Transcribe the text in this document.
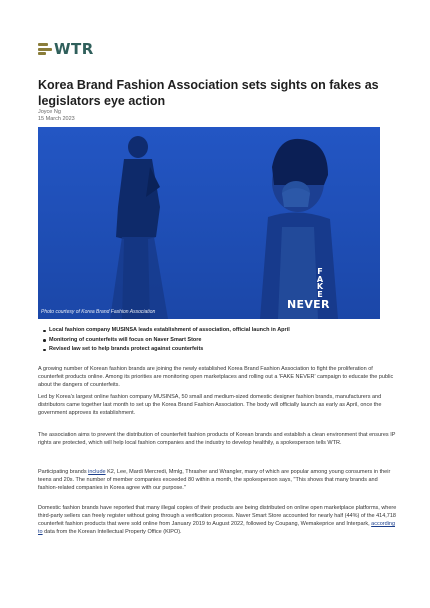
WTR
Korea Brand Fashion Association sets sights on fakes as legislators eye action
Joyce Ng
15 March 2023
F
A
K
E
NEVER
Photo courtesy of Korea Brand Fashion Association
Local fashion company MUSINSA leads establishment of association, official launch in April
Monitoring of counterfeits will focus on Naver Smart Store
Revised law set to help brands protect against counterfeits

A growing number of Korean fashion brands are joining the newly established Korea Brand Fashion Association to fight the proliferation of counterfeit products online. Among its priorities are monitoring open marketplaces and rolling out a 'FAKE NEVER' campaign to educate the public about the dangers of counterfeits.

Led by Korea's largest online fashion company MUSINSA, 50 small and medium-sized domestic designer fashion brands, manufacturers and distributors came together last month to set up the Korea Brand Fashion Association. The body will officially launch as early as April, once the government approves its establishment.

The association aims to prevent the distribution of counterfeit fashion products of Korean brands and establish a clean environment that ensures IP rights are protected, which will help local fashion companies and the industry to develop healthily, a spokesperson tells WTR.

Participating brands include K2, Lee, Mardi Mercredi, Mmlg, Thrasher and Wrangler, many of which are popular among young consumers in their teens and 20s. The number of member companies exceeded 80 within a month, the spokesperson says, "This shows that many brands and fashion-related companies in Korea agree with our purpose."

Domestic fashion brands have reported that many illegal copies of their products are being distributed on online open marketplace platforms, where third-party sellers can freely register without going through a verification process. Naver Smart Store accounted for nearly half (44%) of the 414,718 counterfeit fashion products that were sold online from January 2019 to August 2022, followed by Coupang, Wemakeprice and Interpark, according to data from the Korean Intellectual Property Office (KIPO).
